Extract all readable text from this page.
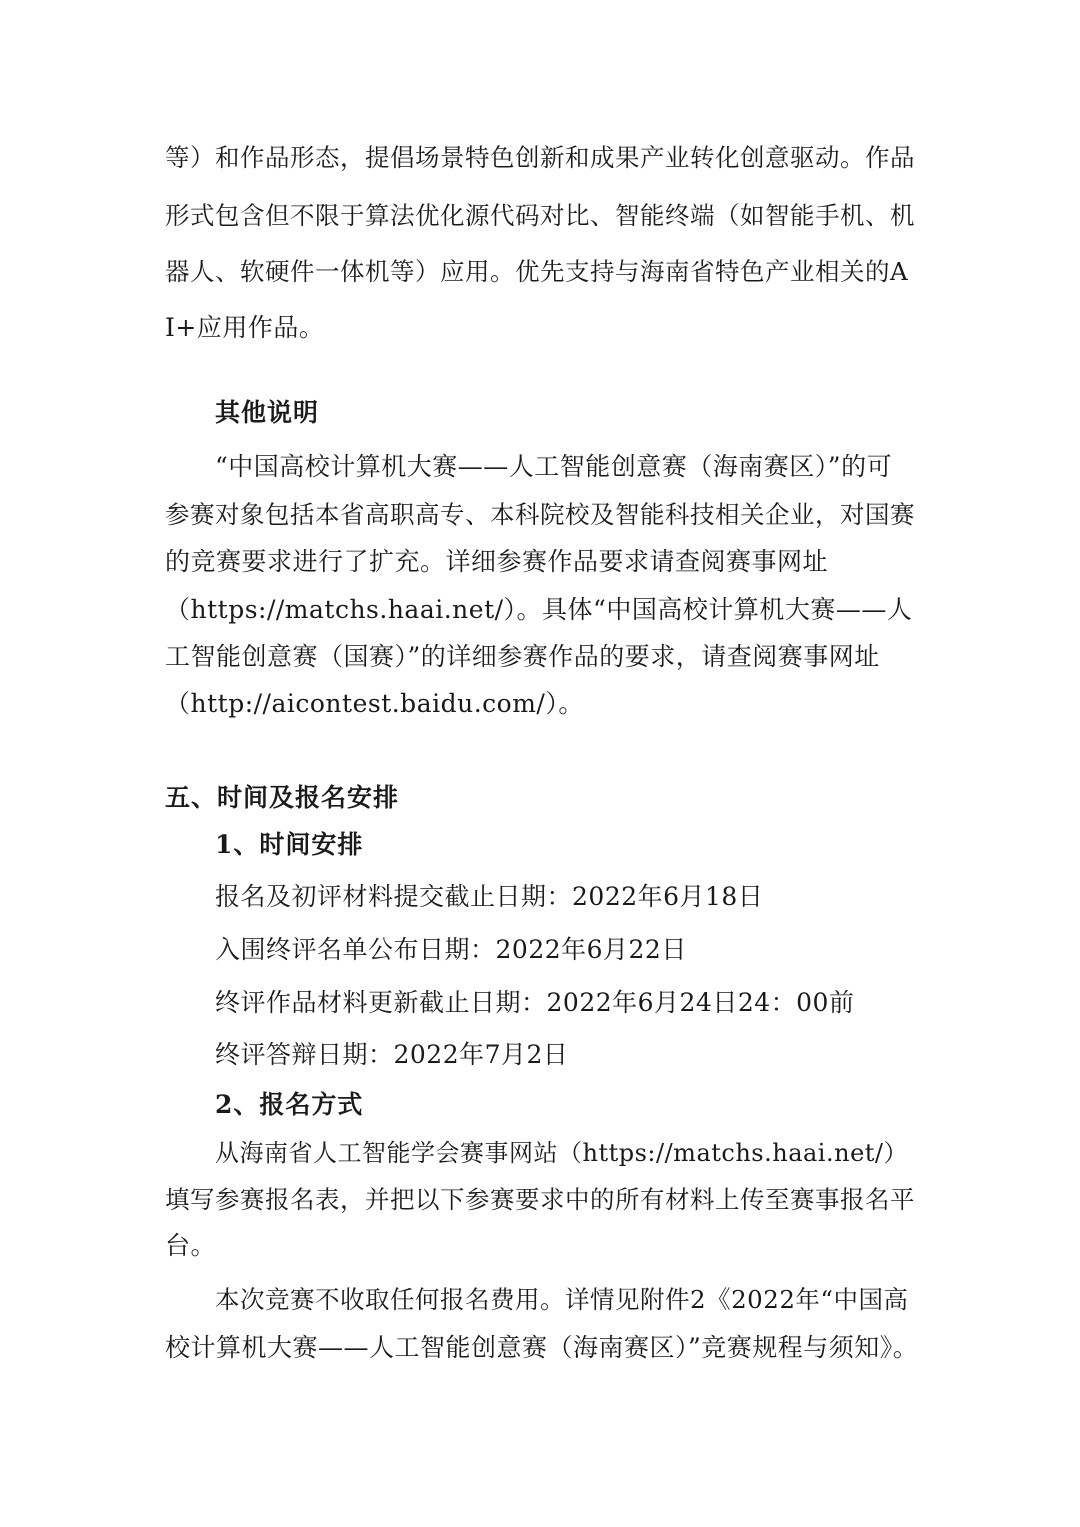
等）和作品形态，提倡场景特色创新和成果产业转化创意驱动。作品

形式包含但不限于算法优化源代码对比、智能终端（如智能手机、机

器人、软硬件一体机等）应用。优先支持与海南省特色产业相关的A

I+应用作品。

其他说明

“中国高校计算机大赛——人工智能创意赛（海南赛区）”的可

参赛对象包括本省高职高专、本科院校及智能科技相关企业，对国赛

的竞赛要求进行了扩充。详细参赛作品要求请查阅赛事网址

（https://matchs.haai.net/）。具体“中国高校计算机大赛——人

工智能创意赛（国赛）”的详细参赛作品的要求，请查阅赛事网址

（http://aicontest.baidu.com/）。

五、时间及报名安排

1、时间安排

报名及初评材料提交截止日期：2022年6月18日

入围终评名单公布日期：2022年6月22日

终评作品材料更新截止日期：2022年6月24日24：00前

终评答辩日期：2022年7月2日

2、报名方式

从海南省人工智能学会赛事网站（https://matchs.haai.net/）

填写参赛报名表，并把以下参赛要求中的所有材料上传至赛事报名平

台。

本次竞赛不收取任何报名费用。详情见附件2《2022年“中国高

校计算机大赛——人工智能创意赛（海南赛区）”竞赛规程与须知》。
